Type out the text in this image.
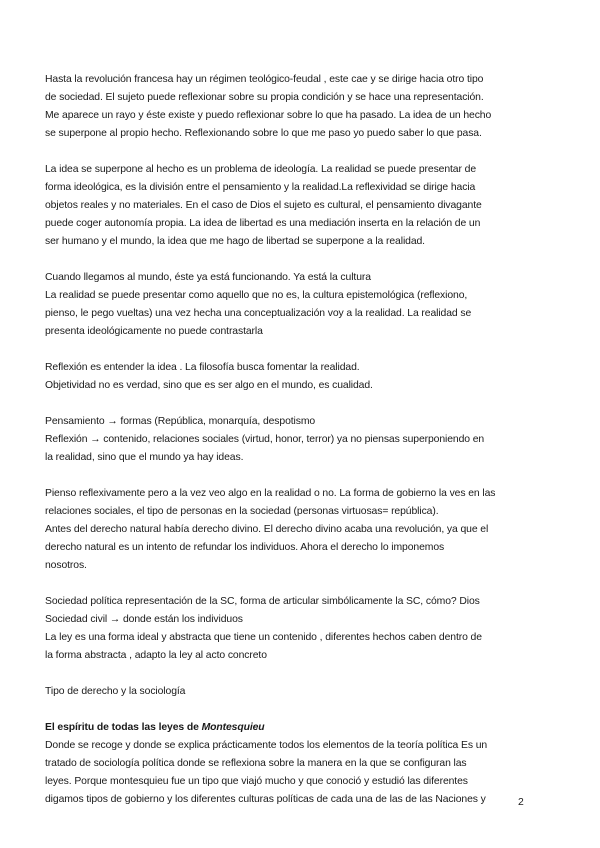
Hasta la revolución francesa hay un régimen teológico-feudal , este cae y se dirige hacia otro tipo
de sociedad. El sujeto puede reflexionar sobre su propia condición y se hace una representación.
Me aparece un rayo y éste existe y puedo reflexionar sobre lo que ha pasado. La idea de un hecho
se superpone al propio hecho. Reflexionando sobre lo que me paso yo puedo saber lo que pasa.
La idea se superpone al hecho es un problema de ideología. La realidad se puede presentar de
forma ideológica, es la división entre el pensamiento y la realidad.La reflexividad se dirige hacia
objetos reales y no materiales. En el caso de Dios el sujeto es cultural, el pensamiento divagante
puede coger autonomía propia. La idea de libertad es una mediación inserta en la relación de un
ser humano y el mundo, la idea que me hago de libertad se superpone a la realidad.
Cuando llegamos al mundo, éste ya está funcionando. Ya está la cultura
La realidad se puede presentar como aquello que no es, la cultura epistemológica (reflexiono,
pienso, le pego vueltas) una vez hecha una conceptualización voy a la realidad. La realidad se
presenta ideológicamente no puede contrastarla
Reflexión es entender la idea . La filosofía busca fomentar la realidad.
Objetividad no es verdad, sino que es ser algo en el mundo, es cualidad.
Pensamiento → formas (República, monarquía, despotismo
Reflexión → contenido, relaciones sociales (virtud, honor, terror) ya no piensas superponiendo en
la realidad, sino que el mundo ya hay ideas.
Pienso reflexivamente pero a la vez veo algo en la realidad o no. La forma de gobierno la ves en las
relaciones sociales, el tipo de personas en la sociedad (personas virtuosas= república).
Antes del derecho natural había derecho divino. El derecho divino acaba una revolución, ya que el
derecho natural es un intento de refundar los individuos. Ahora el derecho lo imponemos
nosotros.
Sociedad política representación de la SC, forma de articular simbólicamente la SC, cómo? Dios
Sociedad civil → donde están los individuos
La ley es una forma ideal y abstracta que tiene un contenido , diferentes hechos caben dentro de
la forma abstracta , adapto la ley al acto concreto
Tipo de derecho y la sociología
El espíritu de todas las leyes de Montesquieu
Donde se recoge y donde se explica prácticamente todos los elementos de la teoría política Es un
tratado de sociología política donde se reflexiona sobre la manera en la que se configuran las
leyes. Porque montesquieu fue un tipo que viajó mucho y que conoció y estudió las diferentes
digamos tipos de gobierno y los diferentes culturas políticas de cada una de las de las Naciones y	2
